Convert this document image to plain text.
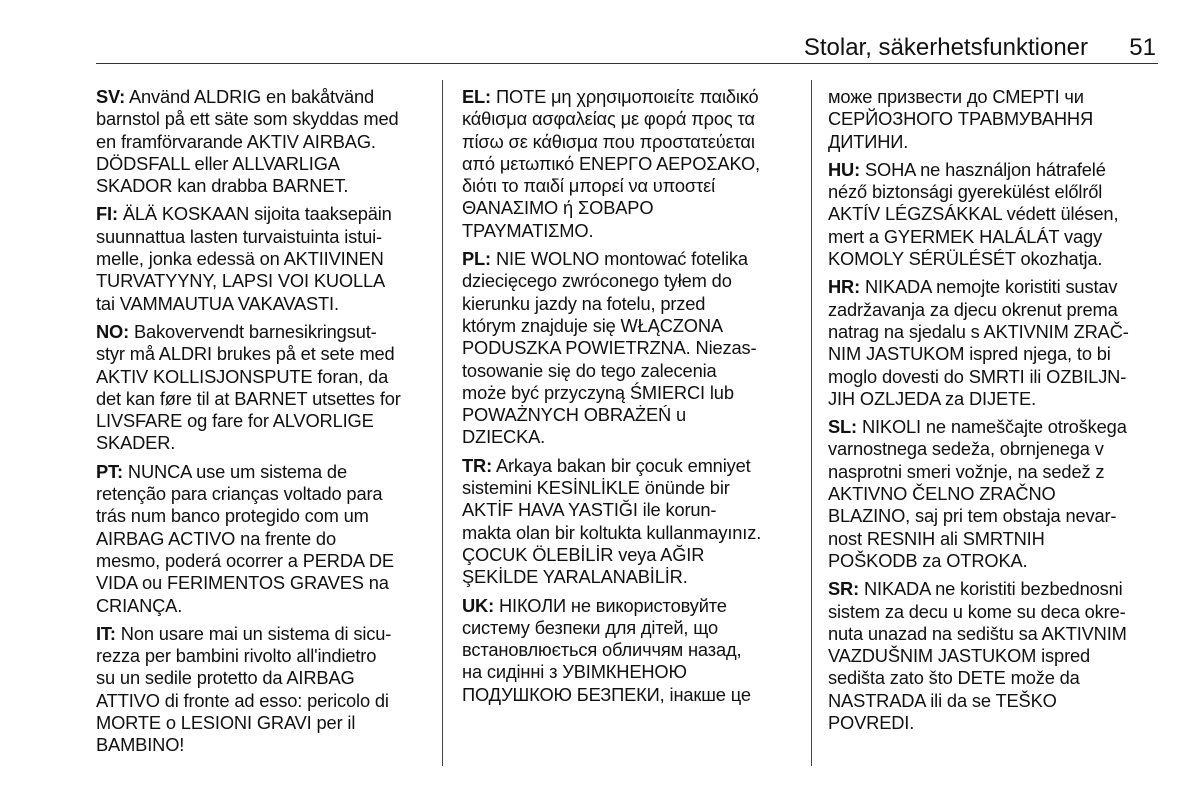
Stolar, säkerhetsfunktioner 51
SV: Använd ALDRIG en bakåtvänd
barnstol på ett säte som skyddas med
en framförvarande AKTIV AIRBAG.
DÖDSFALL eller ALLVARLIGA
SKADOR kan drabba BARNET.
FI: ÄLÄ KOSKAAN sijoita taaksepäin
suunnattua lasten turvaistuinta istui-
melle, jonka edessä on AKTIIVINEN
TURVATYYNY, LAPSI VOI KUOLLA
tai VAMMAUTUA VAKAVASTI.
NO: Bakovervendt barnesikringsut-
styr må ALDRI brukes på et sete med
AKTIV KOLLISJONSPUTE foran, da
det kan føre til at BARNET utsettes for
LIVSFARE og fare for ALVORLIGE
SKADER.
PT: NUNCA use um sistema de
retenção para crianças voltado para
trás num banco protegido com um
AIRBAG ACTIVO na frente do
mesmo, poderá ocorrer a PERDA DE
VIDA ou FERIMENTOS GRAVES na
CRIANÇA.
IT: Non usare mai un sistema di sicu-
rezza per bambini rivolto all'indietro
su un sedile protetto da AIRBAG
ATTIVO di fronte ad esso: pericolo di
MORTE o LESIONI GRAVI per il
BAMBINO!
EL: ΠΟΤΕ μη χρησιμοποιείτε παιδικό
κάθισμα ασφαλείας με φορά προς τα
πίσω σε κάθισμα που προστατεύεται
από μετωπικό ΕΝΕΡΓΟ ΑΕΡΟΣΑΚΟ,
διότι το παιδί μπορεί να υποστεί
ΘΑΝΑΣΙΜΟ ή ΣΟΒΑΡΟ
ΤΡΑΥΜΑΤΙΣΜΟ.
PL: NIE WOLNO montować fotelika
dziecięcego zwróconego tyłem do
kierunku jazdy na fotelu, przed
którym znajduje się WŁĄCZONA
PODUSZKA POWIETRZNA. Niezas-
tosowanie się do tego zalecenia
może być przyczyną ŚMIERCI lub
POWAŻNYCH OBRAŻEŃ u
DZIECKA.
TR: Arkaya bakan bir çocuk emniyet
sistemini KESİNLİKLE önünde bir
AKTİF HAVA YASTIĞI ile korun-
makta olan bir koltukta kullanmayınız.
ÇOCUK ÖLEBİLİR veya AĞIR
ŞEKİLDE YARALANABİLİR.
UK: НІКОЛИ не використовуйте
систему безпеки для дітей, що
встановлюється обличчям назад,
на сидінні з УВІМКНЕНОЮ
ПОДУШКОЮ БЕЗПЕКИ, інакше це
може призвести до СМЕРТІ чи
СЕРЙОЗНОГО ТРАВМУВАННЯ
ДИТИНИ.
HU: SOHA ne használjon hátrafelé
néző biztonsági gyerekülést előlről
AKTÍV LÉGZSÁKKAL védett ülésen,
mert a GYERMEK HALÁLÁT vagy
KOMOLY SÉRÜLÉSÉT okozhatja.
HR: NIKADA nemojte koristiti sustav
zadržavanja za djecu okrenut prema
natrag na sjedalu s AKTIVNIM ZRAČ-
NIM JASTUKOM ispred njega, to bi
moglo dovesti do SMRTI ili OZBILJN-
JIH OZLJEDA za DIJETE.
SL: NIKOLI ne nameščajte otroškega
varnostnega sedeža, obrnjenega v
nasprotni smeri vožnje, na sedež z
AKTIVNO ČELNO ZRAČNO
BLAZINO, saj pri tem obstaja nevar-
nost RESNIH ali SMRTNIH
POŠKODB za OTROKA.
SR: NIKADA ne koristiti bezbednosni
sistem za decu u kome su deca okre-
nuta unazad na sedištu sa AKTIVNIM
VAZDUŠNIM JASTUKOM ispred
sedišta zato što DETE može da
NASTRADA ili da se TEŠKO
POVREDI.
